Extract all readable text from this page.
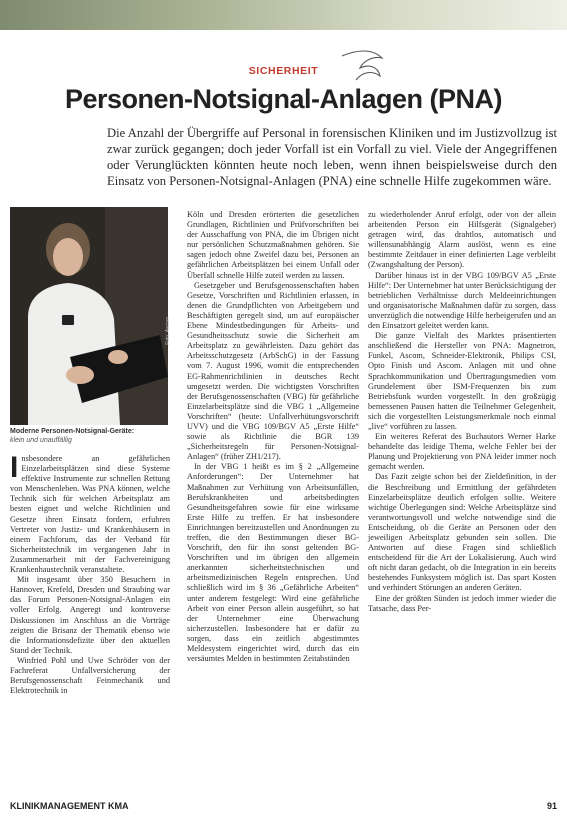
SICHERHEIT
Personen-Notsignal-Anlagen (PNA)

Die Anzahl der Übergriffe auf Personal in forensischen Kliniken und im Justizvollzug ist zwar zurück gegangen; doch jeder Vorfall ist ein Vorfall zu viel. Viele der Angegriffenen oder Verunglückten könnten heute noch leben, wenn ihnen beispielsweise durch den Einsatz von Personen-Notsignal-Anlagen (PNA) eine schnelle Hilfe zugekommen wäre.

Foto: Ascom
Moderne Personen-Notsignal-Geräte:
klein und unauffällig

Insbesondere an gefährlichen Einzelarbeitsplätzen sind diese Systeme effektive Instrumente zur schnellen Rettung von Menschenleben. Was PNA können, welche Technik sich für welchen Arbeitsplatz am besten eignet und welche Richtlinien und Gesetze ihren Einsatz fordern, erfuhren Vertreter von Justiz- und Krankenhäusern in einem Fachforum, das der Verband für Sicherheitstechnik im vergangenen Jahr in Zusammenarbeit mit der Fachvereinigung Krankenhaustechnik veranstaltete.

Mit insgesamt über 350 Besuchern in Hannover, Krefeld, Dresden und Straubing war das Forum Personen-Notsignal-Anlagen ein voller Erfolg. Angeregt und kontroverse Diskussionen im Anschluss an die Vorträge zeigten die Brisanz der Thematik ebenso wie die Informationsdefizite über den aktuellen Stand der Technik.

Winfried Pohl und Uwe Schröder von der Fachreferat Unfallversicherung der Berufsgenossenschaft Feinmechanik und Elektrotechnik in

Köln und Dresden erörterten die gesetzlichen Grundlagen, Richtlinien und Prüfvorschriften bei der Ausschaffung von PNA, die im Übrigen nicht nur persönlichen Schutzmaßnahmen gehören. Sie sagen jedoch ohne Zweifel dazu bei, Personen an gefährlichen Arbeitsplätzen bei einem Unfall oder Überfall schnelle Hilfe zuteil werden zu lassen.

Gesetzgeber und Berufsgenossenschaften haben Gesetze, Vorschriften und Richtlinien erlassen, in denen die Grundpflichten von Arbeitgebern und Beschäftigten geregelt sind, um auf europäischer Ebene Mindestbedingungen für Arbeits- und Gesundheitsschutz sowie die Sicherheit am Arbeitsplatz zu gewährleisten. Dazu gehört das Arbeitsschutzgesetz (ArbSchG) in der Fassung vom 7. August 1996, womit die entsprechenden EG-Rahmenrichtlinien in deutsches Recht umgesetzt werden. Die wichtigsten Vorschriften der Berufsgenossenschaften (VBG) für gefährliche Einzelarbeitsplätze sind die VBG 1 „Allgemeine Vorschriften“ (heute: Unfallverhütungsvorschrift UVV) und die VBG 109/BGV A5 „Erste Hilfe“ sowie als Richtlinie die BGR 139 „Sicherheitsregeln für Personen-Notsignal-Anlagen“ (früher ZH1/217).

In der VBG 1 heißt es im § 2 „Allgemeine Anforderungen“: Der Unternehmer hat Maßnahmen zur Verhütung von Arbeitsunfällen, Berufskrankheiten und arbeitsbedingten Gesundheitsgefahren sowie für eine wirksame Erste Hilfe zu treffen. Er hat insbesondere Einrichtungen bereitzustellen und Anordnungen zu treffen, die den Bestimmungen dieser BG-Vorschrift, den für ihn sonst geltenden BG-Vorschriften und im übrigen den allgemein anerkannten sicherheitstechnischen und arbeitsmedizinischen Regeln entsprechen. Und schließlich wird im § 36 „Gefährliche Arbeiten“ unter anderem festgelegt: Wird eine gefährliche Arbeit von einer Person allein ausgeführt, so hat der Unternehmer eine Überwachung sicherzustellen. Insbesondere hat er dafür zu sorgen, dass ein zeitlich abgestimmtes Meldesystem eingerichtet wird, durch das ein versäumtes Melden in bestimmten Zeitabständen

zu wiederholender Anruf erfolgt, oder von der allein arbeitenden Person ein Hilfsgerät (Signalgeber) getragen wird, das drahtlos, automatisch und willensunabhängig Alarm auslöst, wenn es eine bestimmte Zeitdauer in einer definierten Lage verbleibt (Zwangshaltung der Person).

Darüber hinaus ist in der VBG 109/BGV A5 „Erste Hilfe“: Der Unternehmer hat unter Berücksichtigung der betrieblichen Verhältnisse durch Meldeeinrichtungen und organisatorische Maßnahmen dafür zu sorgen, dass unverzüglich die notwendige Hilfe herbeigerufen und an den Einsatzort geleitet werden kann.

Die ganze Vielfalt des Marktes präsentierten anschließend die Hersteller von PNA: Magnetron, Funkel, Ascom, Schneider-Elektronik, Philips CSI, Opto Finish und Ascom. Anlagen mit und ohne Sprachkommunikation und Übertragungsmedien vom Grundelement über ISM-Frequenzen bis zum Betriebsfunk wurden vorgestellt. In den großzügig bemessenen Pausen hatten die Teilnehmer Gelegenheit, sich die vorgestellten Leistungsmerkmale noch einmal „live“ vorführen zu lassen.

Ein weiteres Referat des Buchautors Werner Harke behandelte das leidige Thema, welche Fehler bei der Planung und Projektierung von PNA leider immer noch gemacht werden.

Das Fazit zeigte schon bei der Zieldefinition, in der die Beschreibung und Ermittlung der gefährdeten Einzelarbeitsplätze deutlich erfolgen sollte. Weitere wichtige Überlegungen sind: Welche Arbeitsplätze sind verantwortungsvoll und welche notwendige sind die Entscheidung, ob die Geräte an Personen oder den jeweiligen Arbeitsplatz gebunden sein sollen. Die Antworten auf diese Fragen sind schließlich entscheidend für die Art der Lokalisierung. Auch wird oft nicht daran gedacht, ob die Integration in ein bereits bestehendes Funksystem möglich ist. Das spart Kosten und verhindert Störungen an anderen Geräten.

Eine der größten Sünden ist jedoch immer wieder die Tatsache, dass Per-

KLINIKMANAGEMENT KMA	91
